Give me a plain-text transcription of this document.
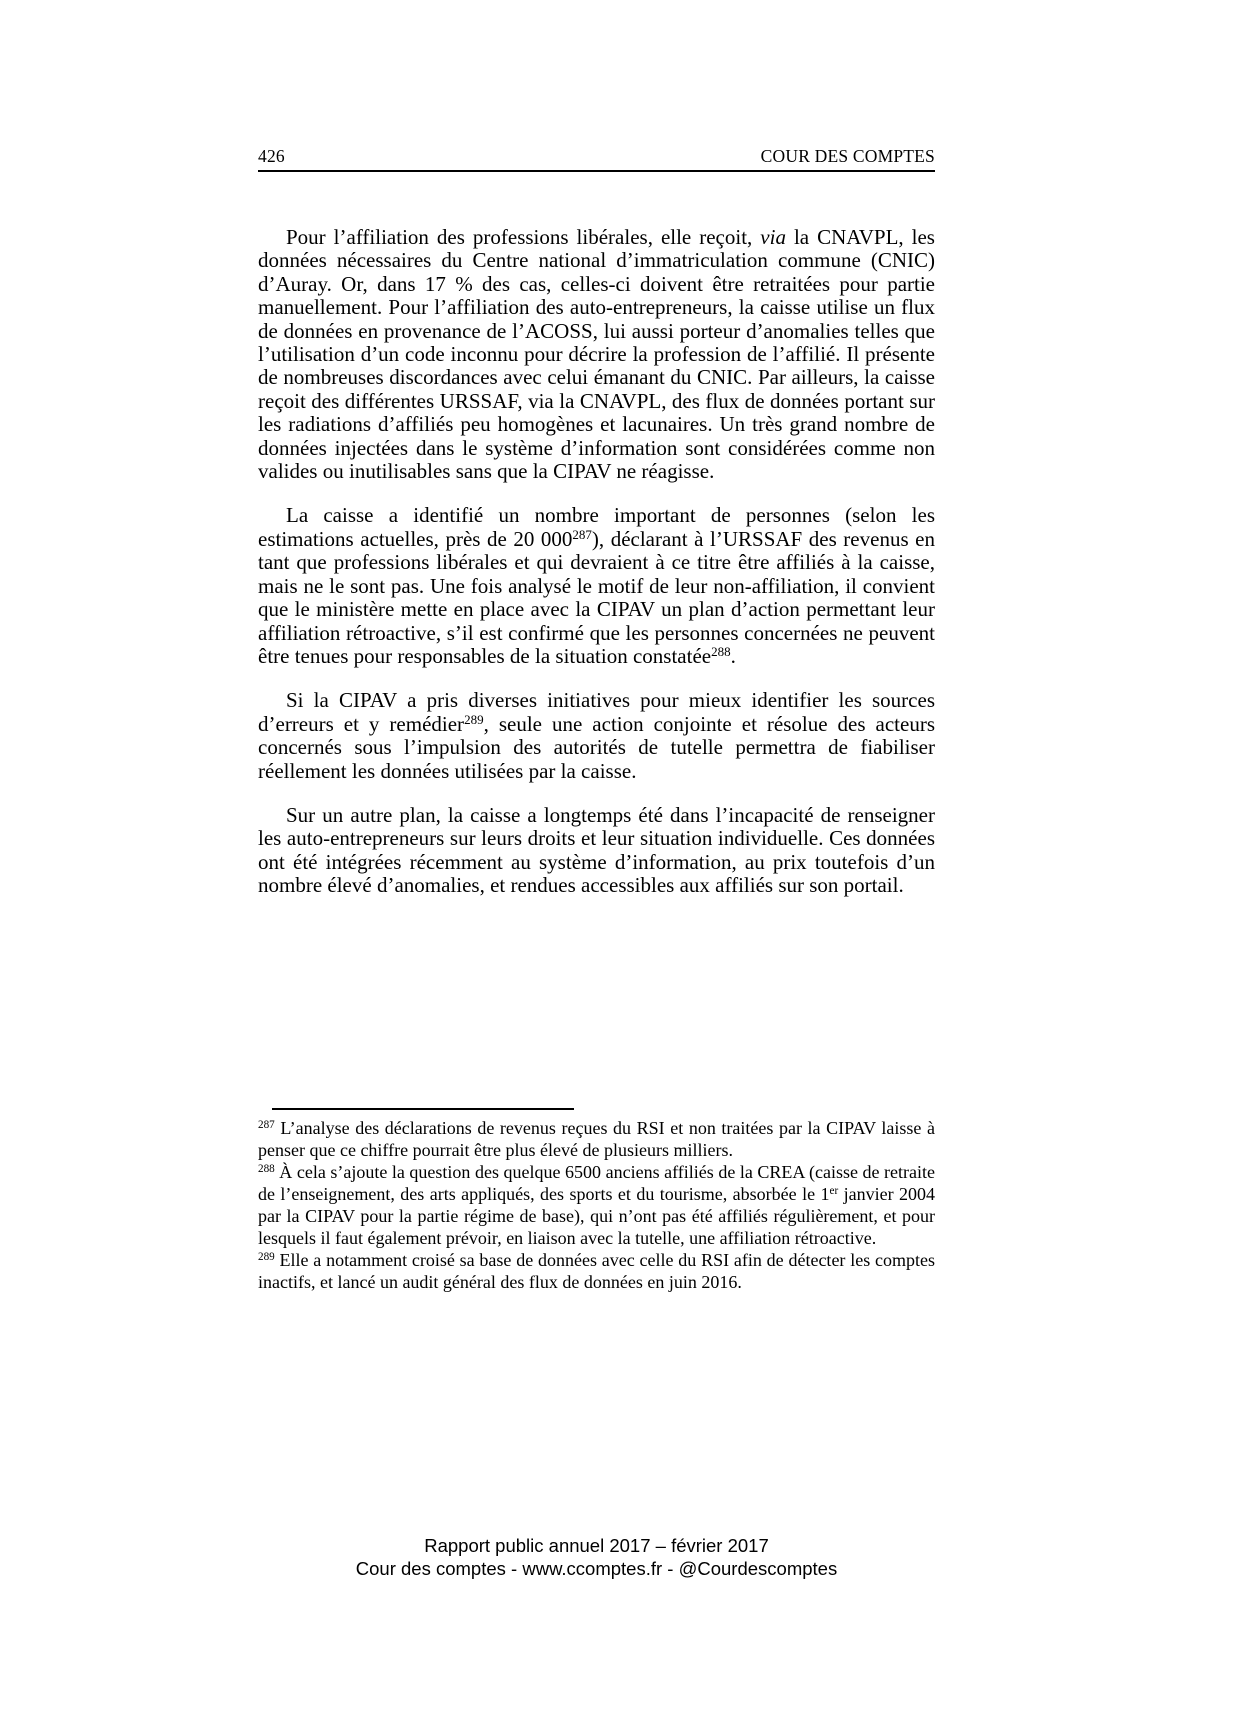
426	COUR DES COMPTES

Pour l’affiliation des professions libérales, elle reçoit, via la CNAVPL, les données nécessaires du Centre national d’immatriculation commune (CNIC) d’Auray. Or, dans 17 % des cas, celles-ci doivent être retraitées pour partie manuellement. Pour l’affiliation des auto-entrepreneurs, la caisse utilise un flux de données en provenance de l’ACOSS, lui aussi porteur d’anomalies telles que l’utilisation d’un code inconnu pour décrire la profession de l’affilié. Il présente de nombreuses discordances avec celui émanant du CNIC. Par ailleurs, la caisse reçoit des différentes URSSAF, via la CNAVPL, des flux de données portant sur les radiations d’affiliés peu homogènes et lacunaires. Un très grand nombre de données injectées dans le système d’information sont considérées comme non valides ou inutilisables sans que la CIPAV ne réagisse.

La caisse a identifié un nombre important de personnes (selon les estimations actuelles, près de 20 $000^{287}$), déclarant à l’URSSAF des revenus en tant que professions libérales et qui devraient à ce titre être affiliés à la caisse, mais ne le sont pas. Une fois analysé le motif de leur non-affiliation, il convient que le ministère mette en place avec la CIPAV un plan d’action permettant leur affiliation rétroactive, s’il est confirmé que les personnes concernées ne peuvent être tenues pour responsables de la situation constatée$^{288}$.

Si la CIPAV a pris diverses initiatives pour mieux identifier les sources d’erreurs et y remédier$^{289}$, seule une action conjointe et résolue des acteurs concernés sous l’impulsion des autorités de tutelle permettra de fiabiliser réellement les données utilisées par la caisse.

Sur un autre plan, la caisse a longtemps été dans l’incapacité de renseigner les auto-entrepreneurs sur leurs droits et leur situation individuelle. Ces données ont été intégrées récemment au système d’information, au prix toutefois d’un nombre élevé d’anomalies, et rendues accessibles aux affiliés sur son portail.

$^{287}$ L’analyse des déclarations de revenus reçues du RSI et non traitées par la CIPAV laisse à penser que ce chiffre pourrait être plus élevé de plusieurs milliers.

$^{288}$ À cela s’ajoute la question des quelque 6500 anciens affiliés de la CREA (caisse de retraite de l’enseignement, des arts appliqués, des sports et du tourisme, absorbée le 1er janvier 2004 par la CIPAV pour la partie régime de base), qui n’ont pas été affiliés régulièrement, et pour lesquels il faut également prévoir, en liaison avec la tutelle, une affiliation rétroactive.

$^{289}$ Elle a notamment croisé sa base de données avec celle du RSI afin de détecter les comptes inactifs, et lancé un audit général des flux de données en juin 2016.

Rapport public annuel 2017 – février 2017
Cour des comptes - www.ccomptes.fr - @Courdescomptes
